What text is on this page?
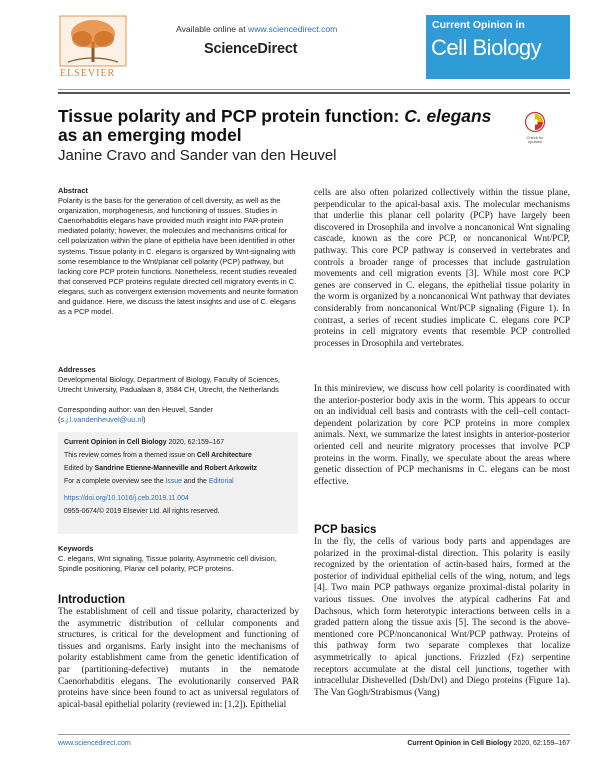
Available online at www.sciencedirect.com
ScienceDirect
ELSEVIER
Current Opinion in
Cell Biology
Tissue polarity and PCP protein function: C. elegans
as an emerging model
Janine Cravo and Sander van den Heuvel
Check for updates
Abstract

Polarity is the basis for the generation of cell diversity, as well as the organization, morphogenesis, and functioning of tissues. Studies in Caenorhabditis elegans have provided much insight into PAR-protein mediated polarity; however, the molecules and mechanisms critical for cell polarization within the plane of epithelia have been identified in other systems. Tissue polarity in C. elegans is organized by Wnt-signaling with some resemblance to the Wnt/planar cell polarity (PCP) pathway, but lacking core PCP protein functions. Nonetheless, recent studies revealed that conserved PCP proteins regulate directed cell migratory events in C. elegans, such as convergent extension movements and neurite formation and guidance. Here, we discuss the latest insights and use of C. elegans as a PCP model.

Addresses

Developmental Biology, Department of Biology, Faculty of Sciences, Utrecht University, Padualaan 8, 3584 CH, Utrecht, the Netherlands

Corresponding author: van den Heuvel, Sander (s.j.l.vandenheuvel@uu.nl)
Current Opinion in Cell Biology 2020, 62:159–167
This review comes from a themed issue on Cell Architecture
Edited by Sandrine Etienne-Manneville and Robert Arkowitz
For a complete overview see the Issue and the Editorial
https://doi.org/10.1016/j.ceb.2019.11.004
0955-0674/© 2019 Elsevier Ltd. All rights reserved.
Keywords

C. elegans, Wnt signaling, Tissue polarity, Asymmetric cell division, Spindle positioning, Planar cell polarity, PCP proteins.

Introduction

The establishment of cell and tissue polarity, characterized by the asymmetric distribution of cellular components and structures, is critical for the development and functioning of tissues and organisms. Early insight into the mechanisms of polarity establishment came from the genetic identification of par (partitioning-defective) mutants in the nematode Caenorhabditis elegans. The evolutionarily conserved PAR proteins have since been found to act as universal regulators of apical-basal epithelial polarity (reviewed in: [1,2]). Epithelial

cells are also often polarized collectively within the tissue plane, perpendicular to the apical-basal axis. The molecular mechanisms that underlie this planar cell polarity (PCP) have largely been discovered in Drosophila and involve a noncanonical Wnt signaling cascade, known as the core PCP, or noncanonical Wnt/PCP, pathway. This core PCP pathway is conserved in vertebrates and controls a broader range of processes that include gastrulation movements and cell migration events [3]. While most core PCP genes are conserved in C. elegans, the epithelial tissue polarity in the worm is organized by a noncanonical Wnt pathway that deviates considerably from noncanonical Wnt/PCP signaling (Figure 1). In contrast, a series of recent studies implicate C. elegans core PCP proteins in cell migratory events that resemble PCP controlled processes in Drosophila and vertebrates.

In this minireview, we discuss how cell polarity is coordinated with the anterior-posterior body axis in the worm. This appears to occur on an individual cell basis and contrasts with the cell–cell contact-dependent polarization by core PCP proteins in more complex animals. Next, we summarize the latest insights in anterior-posterior oriented cell and neurite migratory processes that involve PCP proteins in the worm. Finally, we speculate about the areas where genetic dissection of PCP mechanisms in C. elegans can be most effective.

PCP basics

In the fly, the cells of various body parts and appendages are polarized in the proximal-distal direction. This polarity is easily recognized by the orientation of actin-based hairs, formed at the posterior of individual epithelial cells of the wing, notum, and legs [4]. Two main PCP pathways organize proximal-distal polarity in various tissues. One involves the atypical cadherins Fat and Dachsous, which form heterotypic interactions between cells in a graded pattern along the tissue axis [5]. The second is the above-mentioned core PCP/noncanonical Wnt/PCP pathway. Proteins of this pathway form two separate complexes that localize asymmetrically to apical junctions. Frizzled (Fz) serpentine receptors accumulate at the distal cell junctions, together with intracellular Dishevelled (Dsh/Dvl) and Diego proteins (Figure 1a). The Van Gogh/Strabismus (Vang)

www.sciencedirect.com	Current Opinion in Cell Biology 2020, 62:159–167
